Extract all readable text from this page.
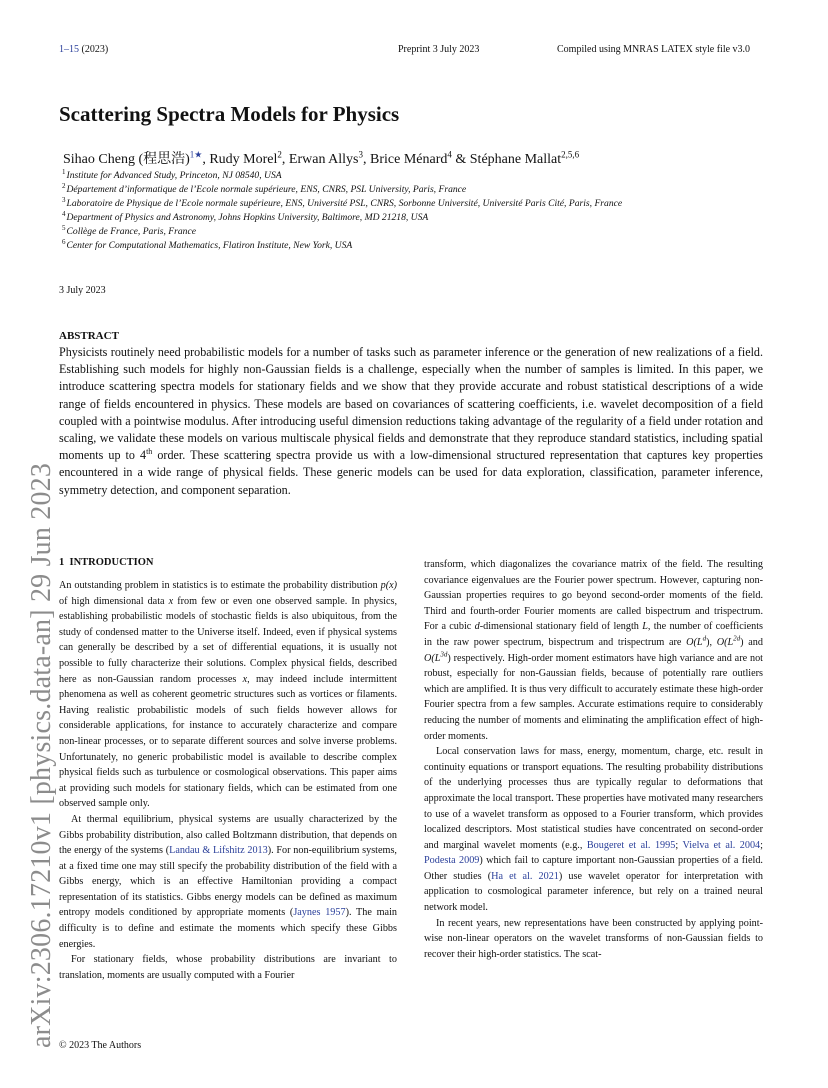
1–15 (2023)	Preprint 3 July 2023	Compiled using MNRAS LATEX style file v3.0
arXiv:2306.17210v1 [physics.data-an] 29 Jun 2023
Scattering Spectra Models for Physics
Sihao Cheng (程思浩)$^{1★}$, Rudy Morel$^2$, Erwan Allys$^3$, Brice Ménard$^4$ & Stéphane Mallat$^{2,5,6}$
$^1$Institute for Advanced Study, Princeton, NJ 08540, USA
$^2$Département d’informatique de l’Ecole normale supérieure, ENS, CNRS, PSL University, Paris, France
$^3$Laboratoire de Physique de l’Ecole normale supérieure, ENS, Université PSL, CNRS, Sorbonne Université, Université Paris Cité, Paris, France
$^4$Department of Physics and Astronomy, Johns Hopkins University, Baltimore, MD 21218, USA
$^5$Collège de France, Paris, France
$^6$Center for Computational Mathematics, Flatiron Institute, New York, USA
3 July 2023
ABSTRACT

Physicists routinely need probabilistic models for a number of tasks such as parameter inference or the generation of new realizations of a field. Establishing such models for highly non-Gaussian fields is a challenge, especially when the number of samples is limited. In this paper, we introduce scattering spectra models for stationary fields and we show that they provide accurate and robust statistical descriptions of a wide range of fields encountered in physics. These models are based on covariances of scattering coefficients, i.e. wavelet decomposition of a field coupled with a pointwise modulus. After introducing useful dimension reductions taking advantage of the regularity of a field under rotation and scaling, we validate these models on various multiscale physical fields and demonstrate that they reproduce standard statistics, including spatial moments up to 4th order. These scattering spectra provide us with a low-dimensional structured representation that captures key properties encountered in a wide range of physical fields. These generic models can be used for data exploration, classification, parameter inference, symmetry detection, and component separation.

1 INTRODUCTION

An outstanding problem in statistics is to estimate the probability distribution p(x) of high dimensional data x from few or even one observed sample. In physics, establishing probabilistic models of stochastic fields is also ubiquitous, from the study of condensed matter to the Universe itself. Indeed, even if physical systems can generally be described by a set of differential equations, it is usually not possible to fully characterize their solutions. Complex physical fields, described here as non-Gaussian random processes x, may indeed include intermittent phenomena as well as coherent geometric structures such as vortices or filaments. Having realistic probabilistic models of such fields however allows for considerable applications, for instance to accurately characterize and compare non-linear processes, or to separate different sources and solve inverse problems. Unfortunately, no generic probabilistic model is available to describe complex physical fields such as turbulence or cosmological observations. This paper aims at providing such models for stationary fields, which can be estimated from one observed sample only.

At thermal equilibrium, physical systems are usually characterized by the Gibbs probability distribution, also called Boltzmann distribution, that depends on the energy of the systems (Landau & Lifshitz 2013). For non-equilibrium systems, at a fixed time one may still specify the probability distribution of the field with a Gibbs energy, which is an effective Hamiltonian providing a compact representation of its statistics. Gibbs energy models can be defined as maximum entropy models conditioned by appropriate moments (Jaynes 1957). The main difficulty is to define and estimate the moments which specify these Gibbs energies.

For stationary fields, whose probability distributions are invariant to translation, moments are usually computed with a Fourier

transform, which diagonalizes the covariance matrix of the field. The resulting covariance eigenvalues are the Fourier power spectrum. However, capturing non-Gaussian properties requires to go beyond second-order moments of the field. Third and fourth-order Fourier moments are called bispectrum and trispectrum. For a cubic d-dimensional stationary field of length L, the number of coefficients in the raw power spectrum, bispectrum and trispectrum are $O(L^d)$, $O(L^{2d})$ and $O(L^{3d})$ respectively. High-order moment estimators have high variance and are not robust, especially for non-Gaussian fields, because of potentially rare outliers which are amplified. It is thus very difficult to accurately estimate these high-order Fourier spectra from a few samples. Accurate estimations require to considerably reducing the number of moments and eliminating the amplification effect of high-order moments.

Local conservation laws for mass, energy, momentum, charge, etc. result in continuity equations or transport equations. The resulting probability distributions of the underlying processes thus are typically regular to deformations that approximate the local transport. These properties have motivated many researchers to use of a wavelet transform as opposed to a Fourier transform, which provides localized descriptors. Most statistical studies have concentrated on second-order and marginal wavelet moments (e.g., Bougeret et al. 1995; Vielva et al. 2004; Podesta 2009) which fail to capture important non-Gaussian properties of a field. Other studies (Ha et al. 2021) use wavelet operator for interpretation with application to cosmological parameter inference, but rely on a trained neural network model.

In recent years, new representations have been constructed by applying point-wise non-linear operators on the wavelet transforms of non-Gaussian fields to recover their high-order statistics. The scat-

© 2023 The Authors
